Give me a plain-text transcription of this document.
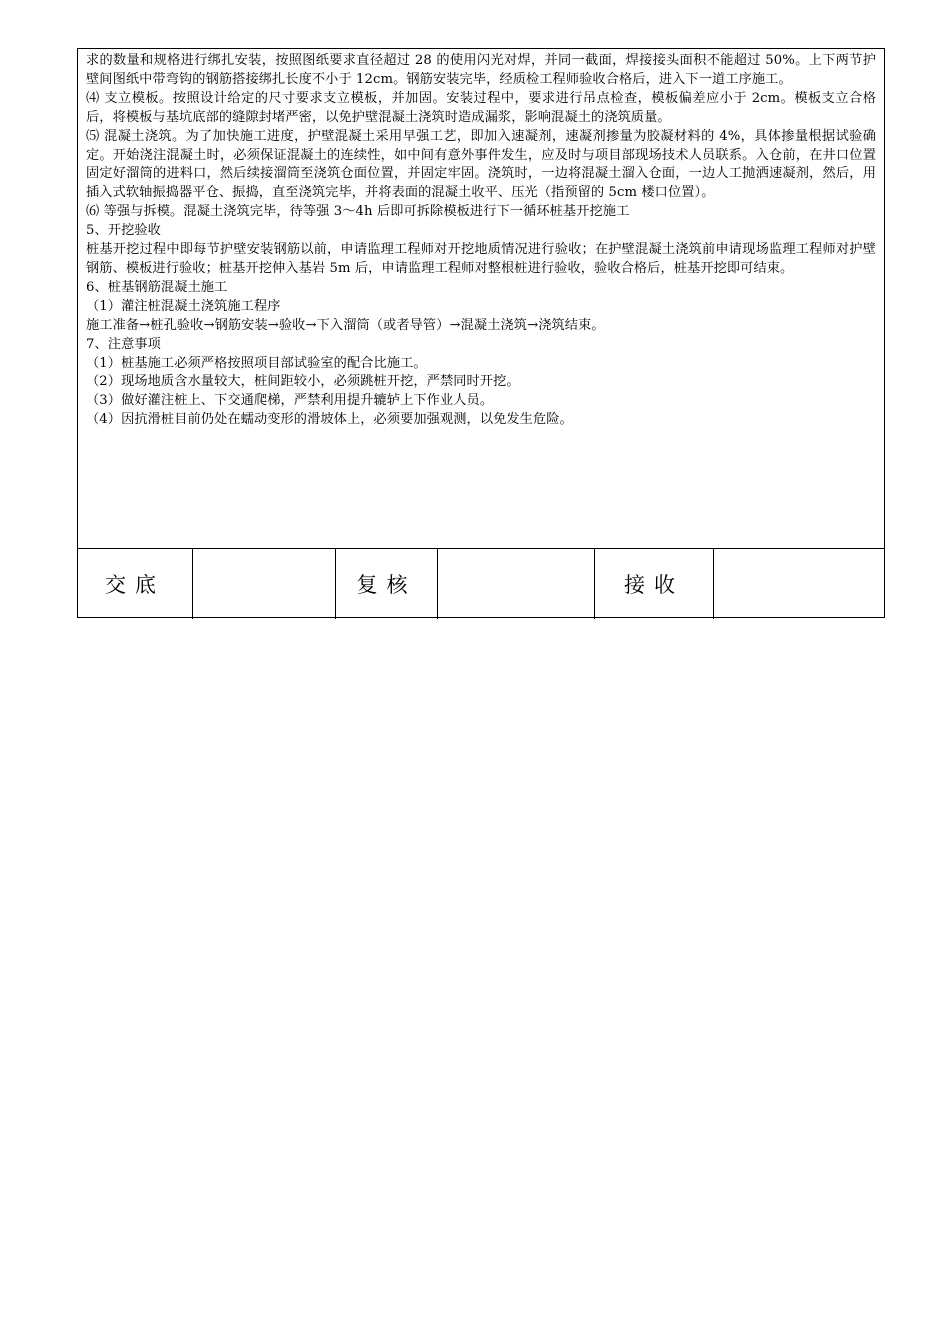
求的数量和规格进行绑扎安装，按照图纸要求直径超过 28 的使用闪光对焊，并同一截面，焊接接头面积不能超过 50%。上下两节护壁间图纸中带弯钩的钢筋搭接绑扎长度不小于 12cm。钢筋安装完毕，经质检工程师验收合格后，进入下一道工序施工。

⑷ 支立模板。按照设计给定的尺寸要求支立模板，并加固。安装过程中，要求进行吊点检查，模板偏差应小于 2cm。模板支立合格后，将模板与基坑底部的缝隙封堵严密，以免护壁混凝土浇筑时造成漏浆，影响混凝土的浇筑质量。

⑸ 混凝土浇筑。为了加快施工进度，护壁混凝土采用早强工艺，即加入速凝剂，速凝剂掺量为胶凝材料的 4%，具体掺量根据试验确定。开始浇注混凝土时，必须保证混凝土的连续性，如中间有意外事件发生，应及时与项目部现场技术人员联系。入仓前，在井口位置固定好溜筒的进料口，然后续接溜筒至浇筑仓面位置，并固定牢固。浇筑时，一边将混凝土溜入仓面，一边人工抛洒速凝剂，然后，用插入式软轴振捣器平仓、振捣，直至浇筑完毕，并将表面的混凝土收平、压光（指预留的 5cm 楼口位置）。

⑹ 等强与拆模。混凝土浇筑完毕，待等强 3～4h 后即可拆除模板进行下一循环桩基开挖施工

5、开挖验收

桩基开挖过程中即每节护壁安装钢筋以前，申请监理工程师对开挖地质情况进行验收；在护壁混凝土浇筑前申请现场监理工程师对护壁钢筋、模板进行验收；桩基开挖伸入基岩 5m 后，申请监理工程师对整根桩进行验收，验收合格后，桩基开挖即可结束。

6、桩基钢筋混凝土施工

（1）灌注桩混凝土浇筑施工程序

施工准备→桩孔验收→钢筋安装→验收→下入溜筒（或者导管）→混凝土浇筑→浇筑结束。

7、注意事项

（1）桩基施工必须严格按照项目部试验室的配合比施工。

（2）现场地质含水量较大，桩间距较小，必须跳桩开挖，严禁同时开挖。

（3）做好灌注桩上、下交通爬梯，严禁利用提升辘轳上下作业人员。

（4）因抗滑桩目前仍处在蠕动变形的滑坡体上，必须要加强观测，以免发生危险。

交底	复核	接收
